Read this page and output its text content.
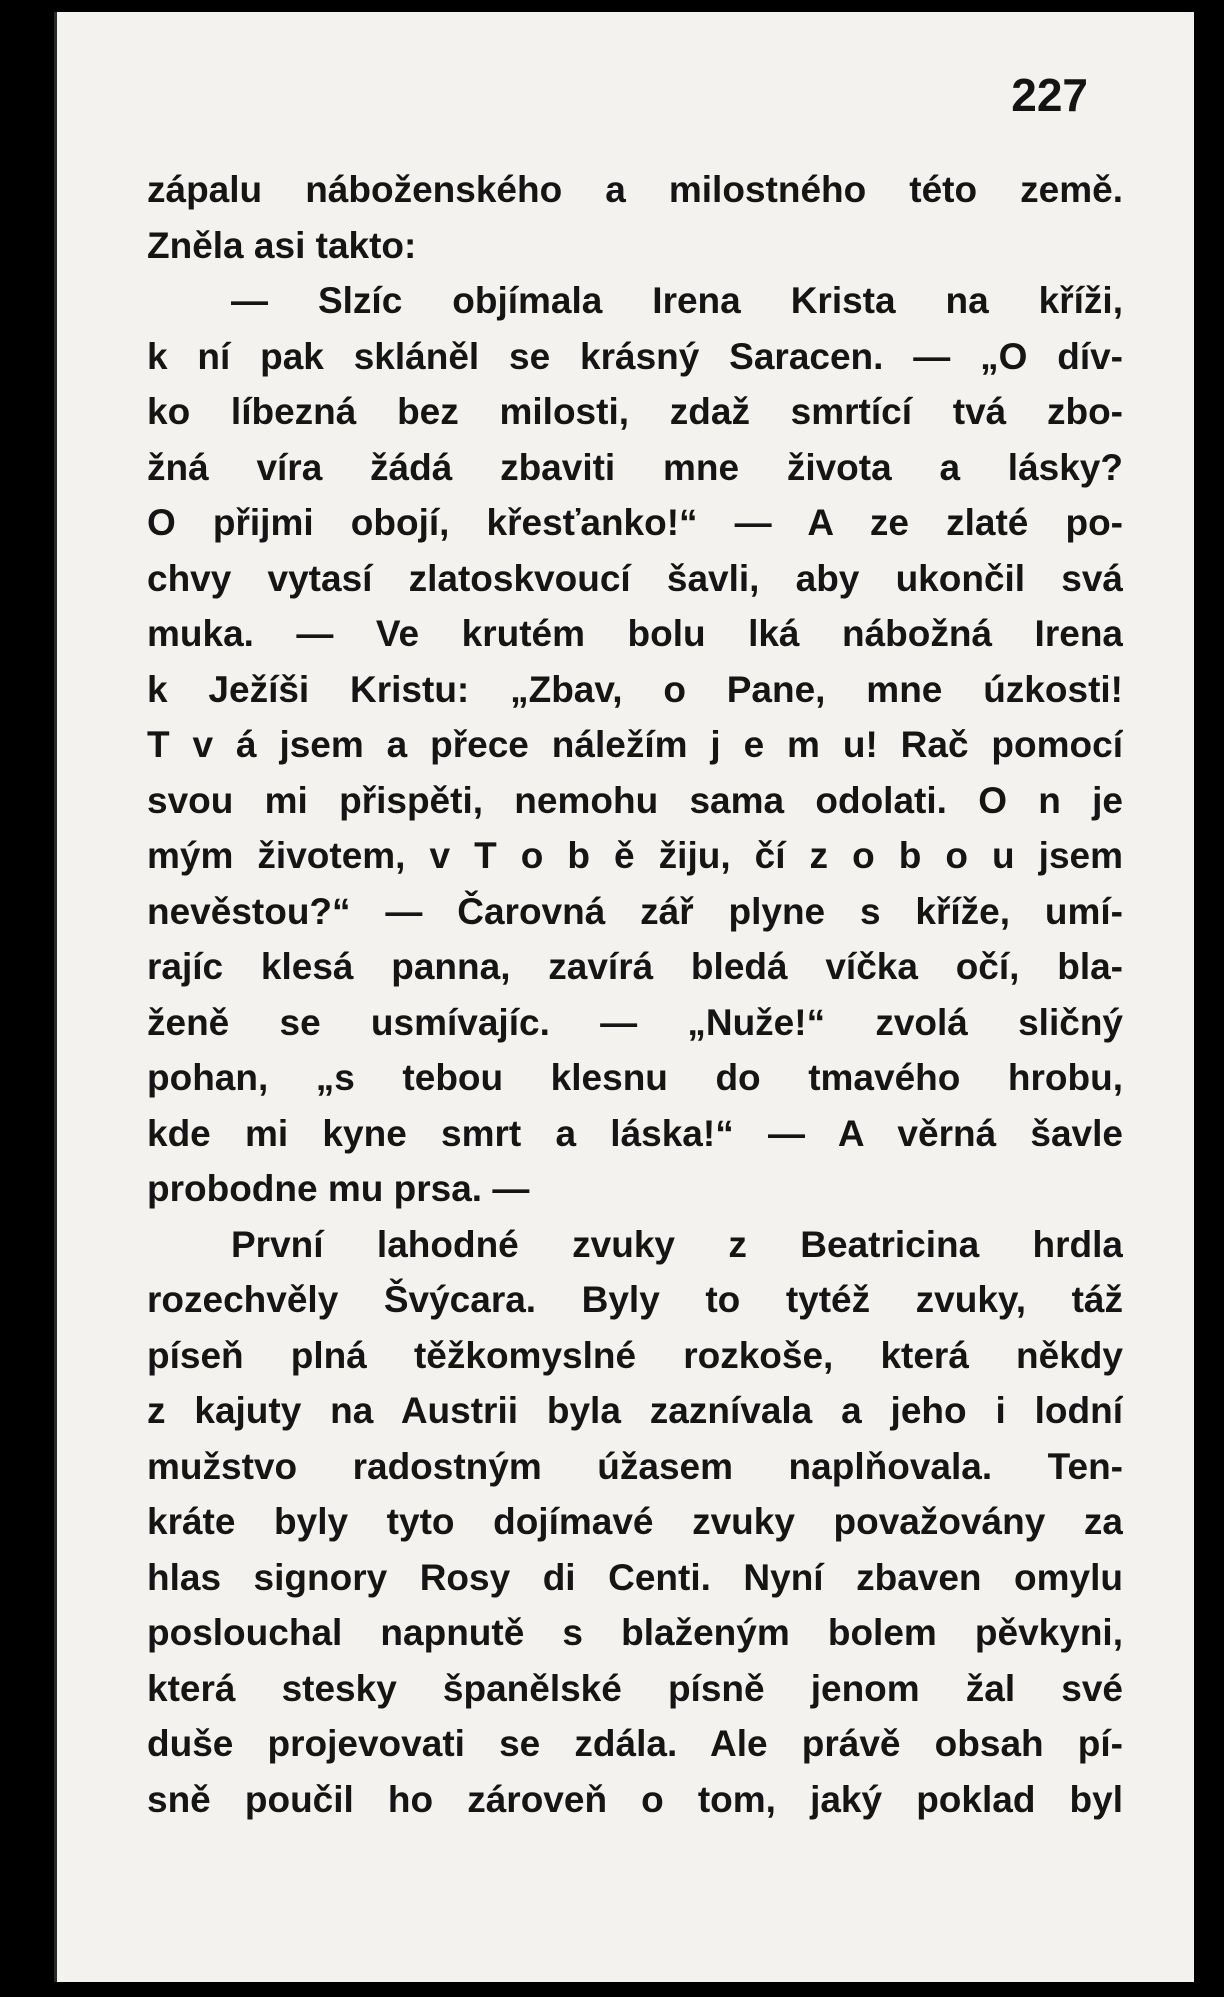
227

zápalu náboženského a milostného této země.
Zněla asi takto:
— Slzíc objímala Irena Krista na kříži,
k ní pak skláněl se krásný Saracen. — „O dív-
ko líbezná bez milosti, zdaž smrtící tvá zbo-
žná víra žádá zbaviti mne života a lásky?
O přijmi obojí, křesťanko!“ — A ze zlaté po-
chvy vytasí zlatoskvoucí šavli, aby ukončil svá
muka. — Ve krutém bolu lká nábožná Irena
k Ježíši Kristu: „Zbav, o Pane, mne úzkosti!
T v á jsem a přece náležím j e m u! Rač pomocí
svou mi přispěti, nemohu sama odolati. O n je
mým životem, v T o b ě žiju, čí z o b o u jsem
nevěstou?“ — Čarovná zář plyne s kříže, umí-
rajíc klesá panna, zavírá bledá víčka očí, bla-
ženě se usmívajíc. — „Nuže!“ zvolá sličný
pohan, „s tebou klesnu do tmavého hrobu,
kde mi kyne smrt a láska!“ — A věrná šavle
probodne mu prsa. —
První lahodné zvuky z Beatricina hrdla
rozechvěly Švýcara. Byly to tytéž zvuky, táž
píseň plná těžkomyslné rozkoše, která někdy
z kajuty na Austrii byla zaznívala a jeho i lodní
mužstvo radostným úžasem naplňovala. Ten-
kráte byly tyto dojímavé zvuky považovány za
hlas signory Rosy di Centi. Nyní zbaven omylu
poslouchal napnutě s blaženým bolem pěvkyni,
která stesky španělské písně jenom žal své
duše projevovati se zdála. Ale právě obsah pí-
sně poučil ho zároveň o tom, jaký poklad byl
